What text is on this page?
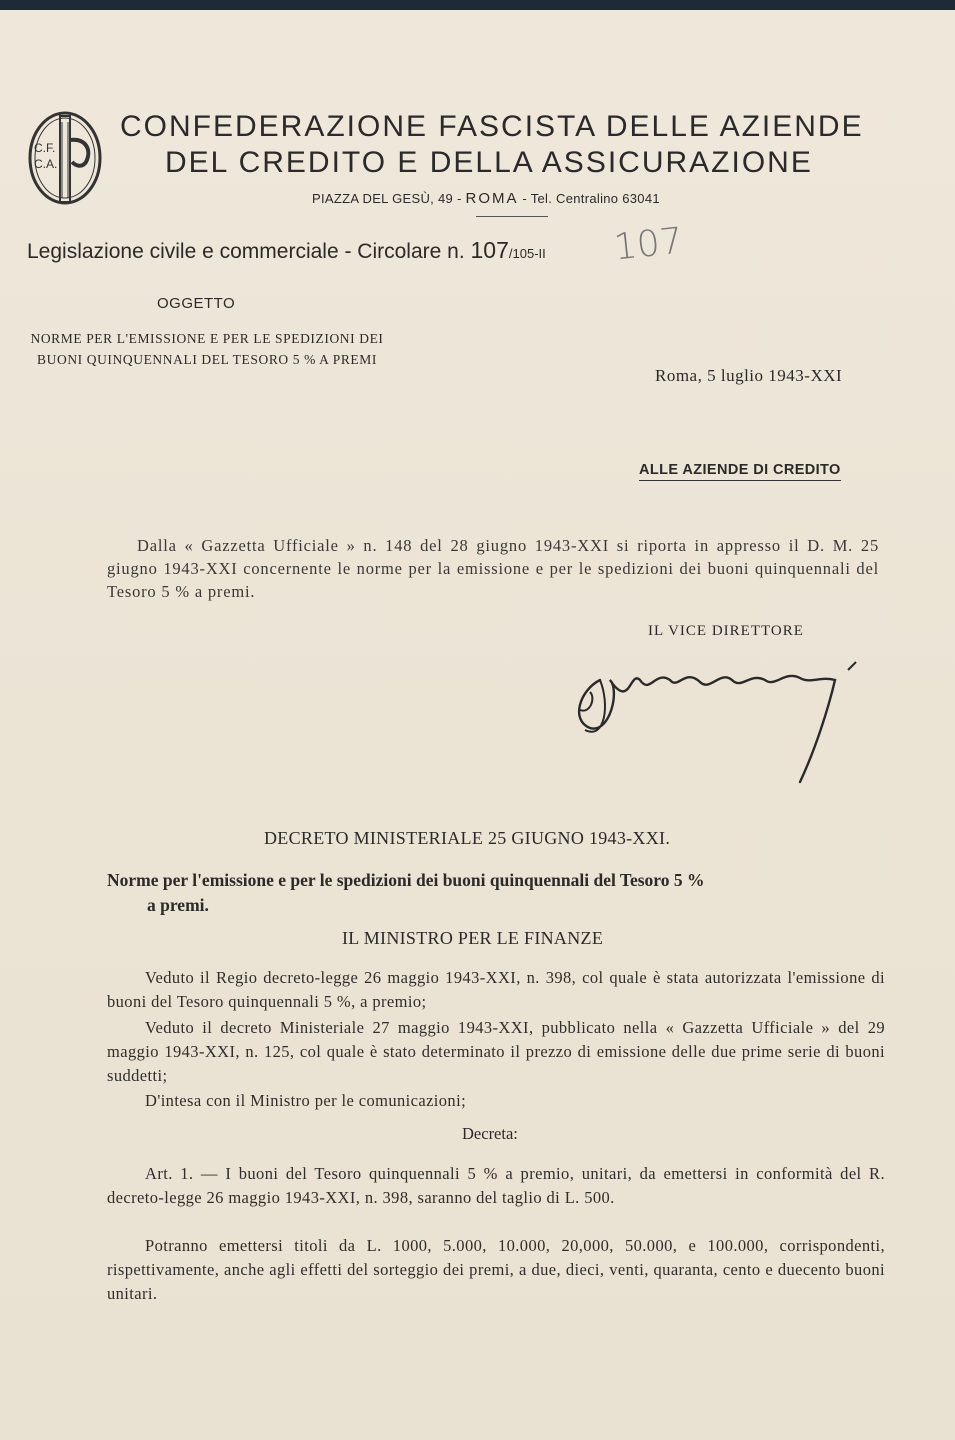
C.F.
C.A.
CONFEDERAZIONE FASCISTA DELLE AZIENDE
DEL CREDITO E DELLA ASSICURAZIONE
PIAZZA DEL GESÙ, 49 - ROMA - Tel. Centralino 63041
Legislazione civile e commerciale - Circolare n. 107/105-II 107
OGGETTO
NORME PER L'EMISSIONE E PER LE SPEDIZIONI DEI BUONI QUINQUENNALI DEL TESORO 5 % A PREMI
Roma, 5 luglio 1943-XXI
ALLE AZIENDE DI CREDITO
Dalla « Gazzetta Ufficiale » n. 148 del 28 giugno 1943-XXI si riporta in appresso il D. M. 25 giugno 1943-XXI concernente le norme per la emissione e per le spedizioni dei buoni quinquennali del Tesoro 5 % a premi.
IL VICE DIRETTORE
DECRETO MINISTERIALE 25 GIUGNO 1943-XXI.
Norme per l'emissione e per le spedizioni dei buoni quinquennali del Tesoro 5 %
a premi.
IL MINISTRO PER LE FINANZE

Veduto il Regio decreto-legge 26 maggio 1943-XXI, n. 398, col quale è stata autorizzata l'emissione di buoni del Tesoro quinquennali 5 %, a premio;

Veduto il decreto Ministeriale 27 maggio 1943-XXI, pubblicato nella « Gazzetta Ufficiale » del 29 maggio 1943-XXI, n. 125, col quale è stato determinato il prezzo di emissione delle due prime serie di buoni suddetti;

D'intesa con il Ministro per le comunicazioni;

Decreta:

Art. 1. — I buoni del Tesoro quinquennali 5 % a premio, unitari, da emettersi in conformità del R. decreto-legge 26 maggio 1943-XXI, n. 398, saranno del taglio di L. 500.

Potranno emettersi titoli da L. 1000, 5.000, 10.000, 20,000, 50.000, e 100.000, corrispondenti, rispettivamente, anche agli effetti del sorteggio dei premi, a due, dieci, venti, quaranta, cento e duecento buoni unitari.
